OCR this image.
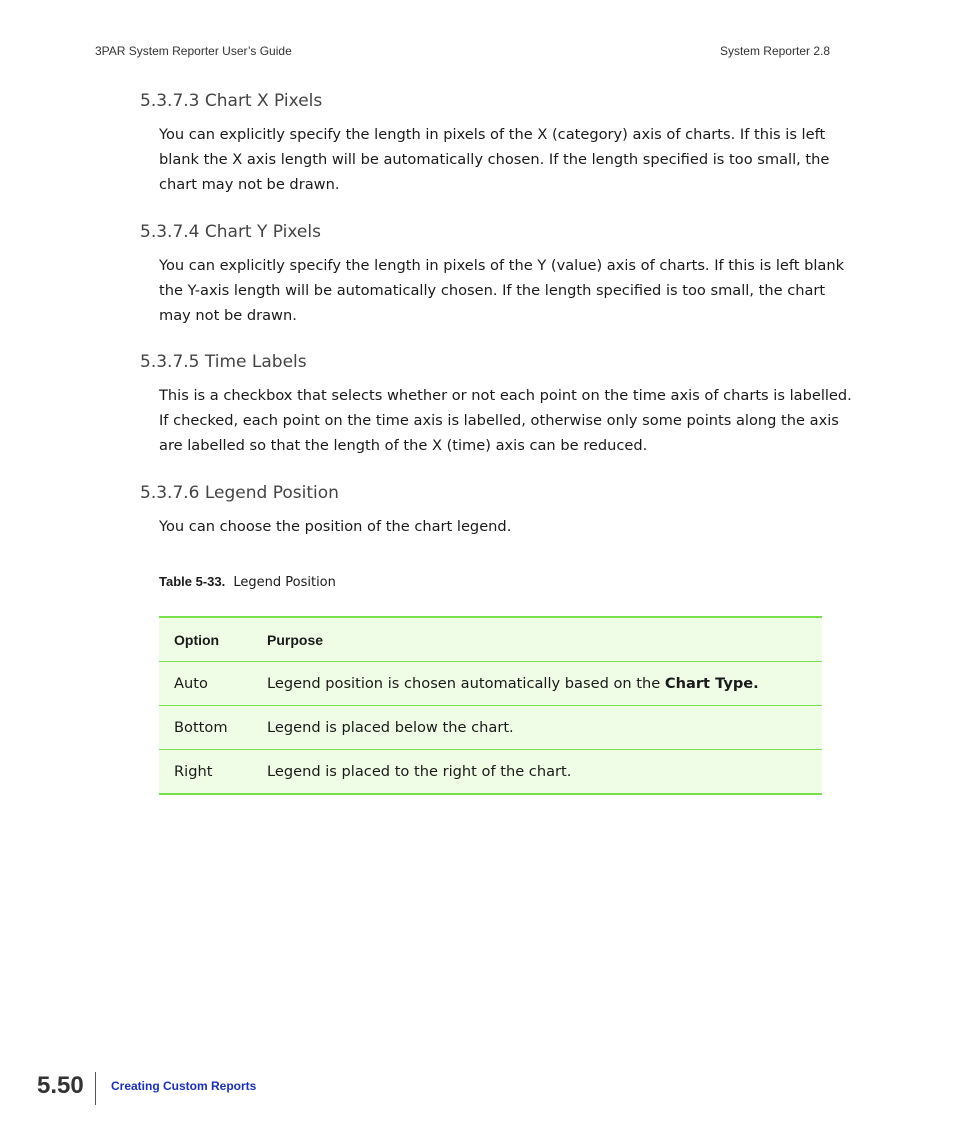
3PAR System Reporter User’s Guide	System Reporter 2.8
5.3.7.3 Chart X Pixels

You can explicitly specify the length in pixels of the X (category) axis of charts. If this is left blank the X axis length will be automatically chosen. If the length specified is too small, the chart may not be drawn.

5.3.7.4 Chart Y Pixels

You can explicitly specify the length in pixels of the Y (value) axis of charts. If this is left blank the Y-axis length will be automatically chosen. If the length specified is too small, the chart may not be drawn.

5.3.7.5 Time Labels

This is a checkbox that selects whether or not each point on the time axis of charts is labelled. If checked, each point on the time axis is labelled, otherwise only some points along the axis are labelled so that the length of the X (time) axis can be reduced.

5.3.7.6 Legend Position

You can choose the position of the chart legend.

Table 5-33. Legend Position
Option	Purpose
Auto	Legend position is chosen automatically based on the Chart Type.
Bottom	Legend is placed below the chart.
Right	Legend is placed to the right of the chart.
5.50 Creating Custom Reports
